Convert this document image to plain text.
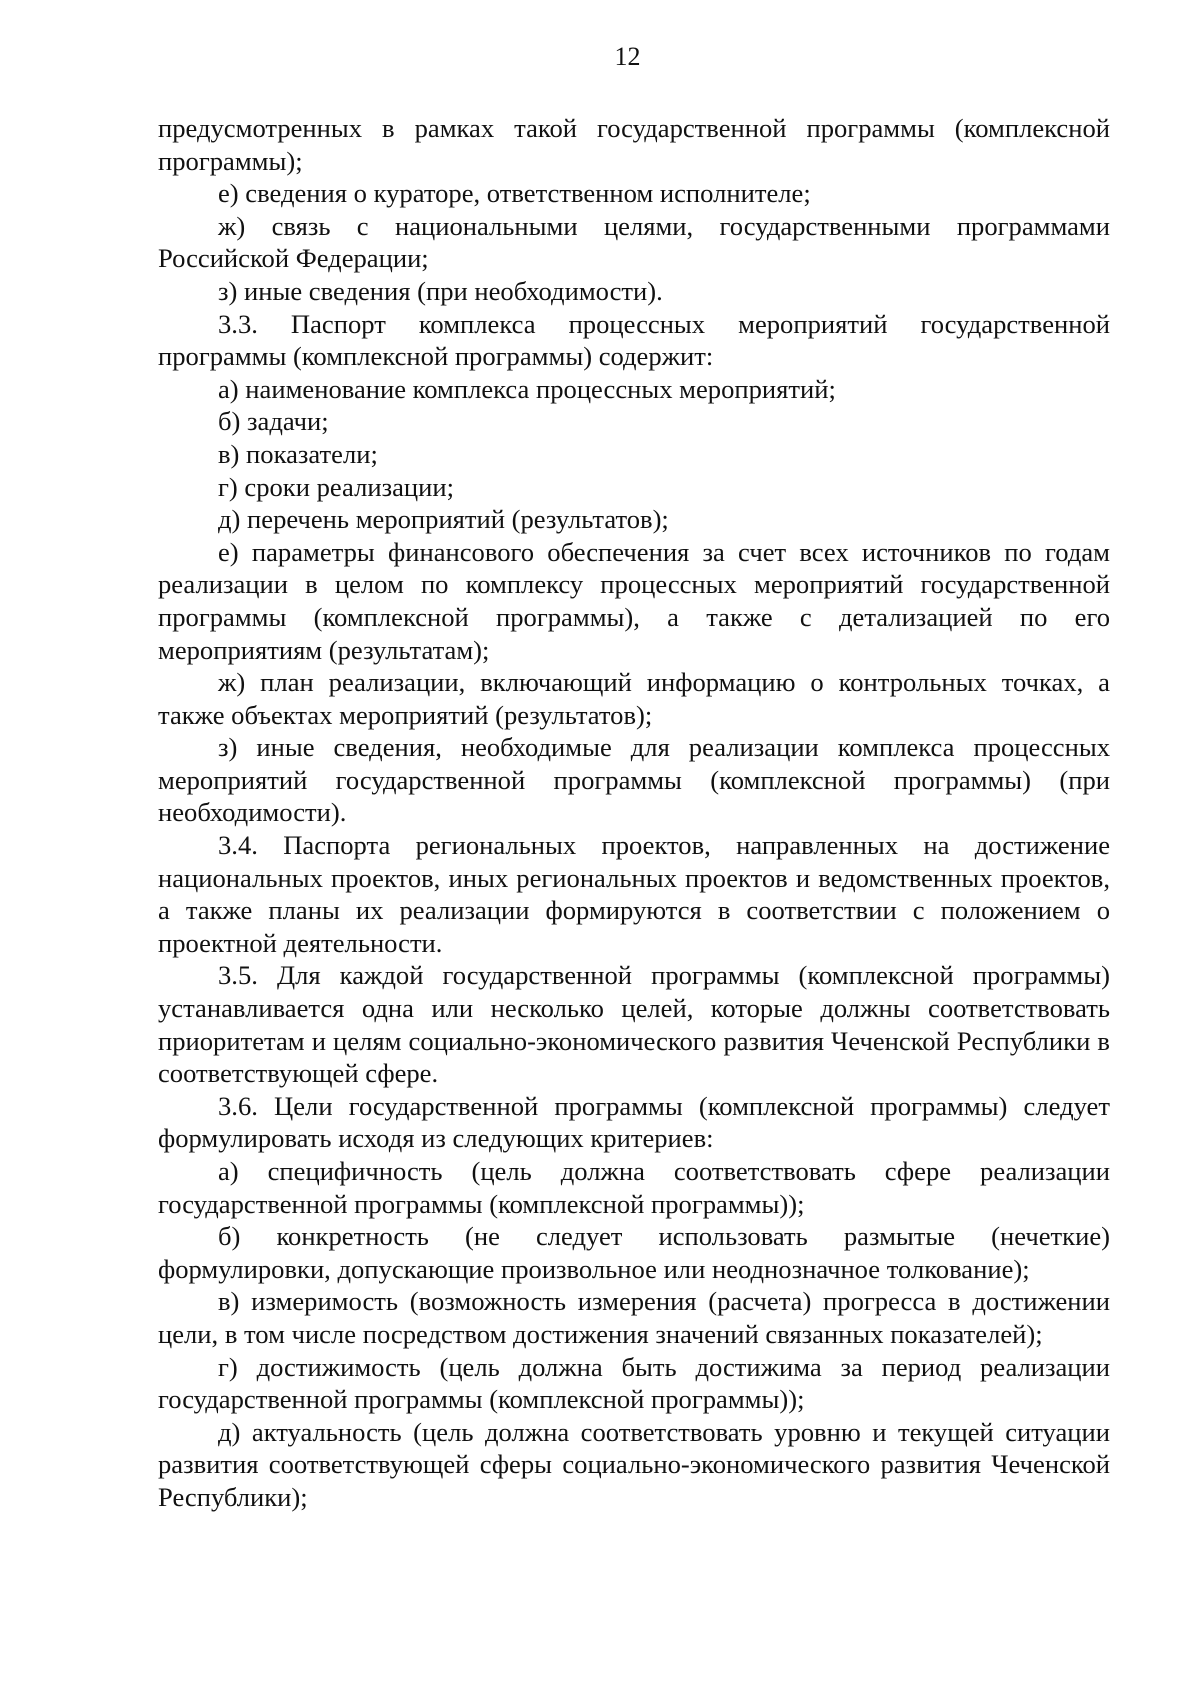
12

предусмотренных в рамках такой государственной программы (комплексной программы);

е) сведения о кураторе, ответственном исполнителе;

ж) связь с национальными целями, государственными программами Российской Федерации;

з) иные сведения (при необходимости).

3.3. Паспорт комплекса процессных мероприятий государственной программы (комплексной программы) содержит:

а) наименование комплекса процессных мероприятий;

б) задачи;

в) показатели;

г) сроки реализации;

д) перечень мероприятий (результатов);

е) параметры финансового обеспечения за счет всех источников по годам реализации в целом по комплексу процессных мероприятий государственной программы (комплексной программы), а также с детализацией по его мероприятиям (результатам);

ж) план реализации, включающий информацию о контрольных точках, а также объектах мероприятий (результатов);

з) иные сведения, необходимые для реализации комплекса процессных мероприятий государственной программы (комплексной программы) (при необходимости).

3.4. Паспорта региональных проектов, направленных на достижение национальных проектов, иных региональных проектов и ведомственных проектов, а также планы их реализации формируются в соответствии с положением о проектной деятельности.

3.5. Для каждой государственной программы (комплексной программы) устанавливается одна или несколько целей, которые должны соответствовать приоритетам и целям социально-экономического развития Чеченской Республики в соответствующей сфере.

3.6. Цели государственной программы (комплексной программы) следует формулировать исходя из следующих критериев:

а) специфичность (цель должна соответствовать сфере реализации государственной программы (комплексной программы));

б) конкретность (не следует использовать размытые (нечеткие) формулировки, допускающие произвольное или неоднозначное толкование);

в) измеримость (возможность измерения (расчета) прогресса в достижении цели, в том числе посредством достижения значений связанных показателей);

г) достижимость (цель должна быть достижима за период реализации государственной программы (комплексной программы));

д) актуальность (цель должна соответствовать уровню и текущей ситуации развития соответствующей сферы социально-экономического развития Чеченской Республики);
